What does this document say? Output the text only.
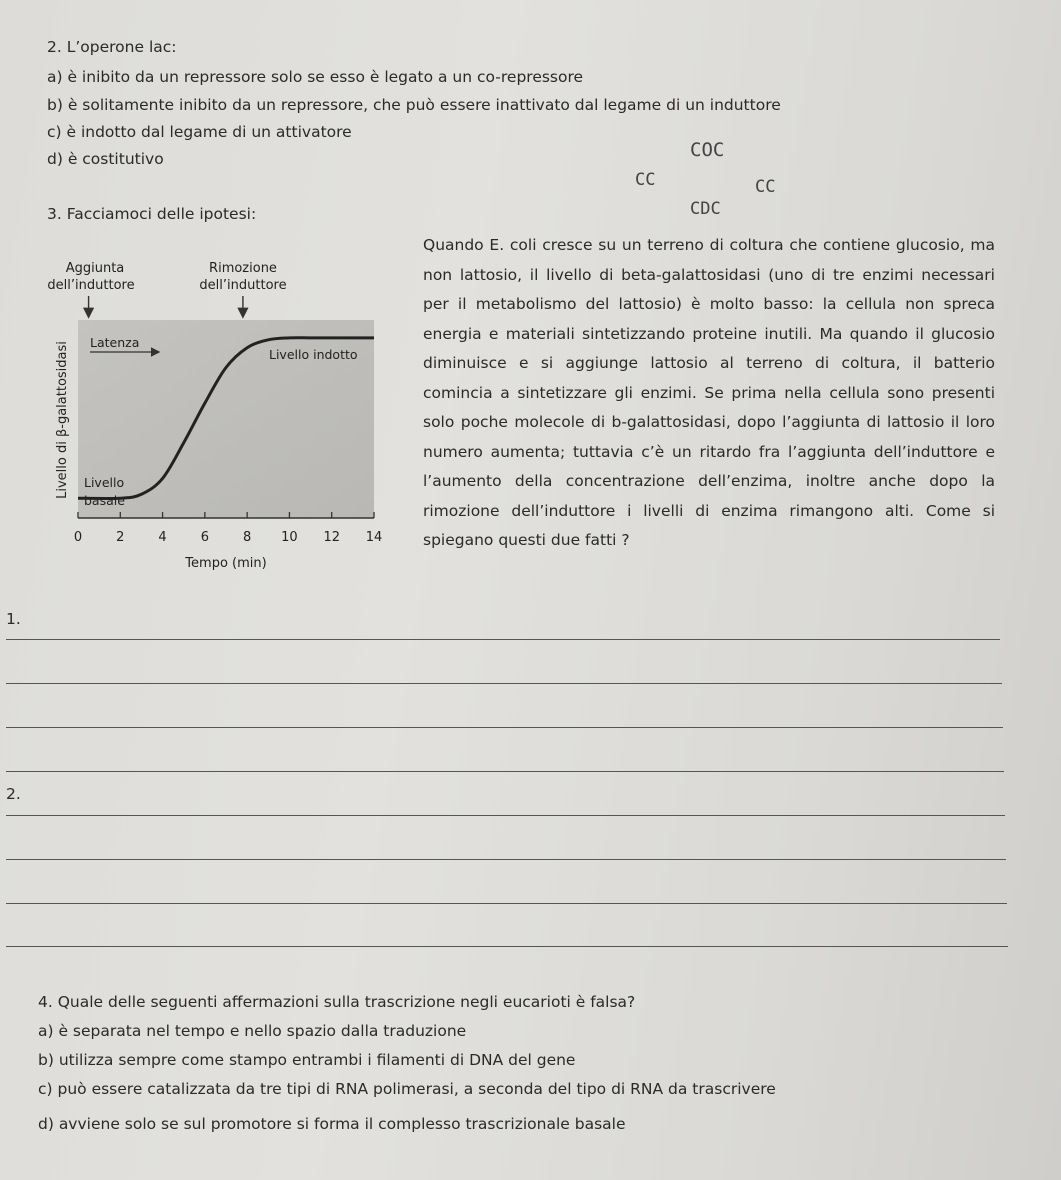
2. L’operone lac:
a) è inibito da un repressore solo se esso è legato a un co-repressore
b) è solitamente inibito da un repressore, che può essere inattivato dal legame di un induttore
c) è indotto dal legame di un attivatore
d) è costitutivo	COC
CC	CC
CDC
3. Facciamoci delle ipotesi:
Quando E. coli cresce su un terreno di coltura che contiene glucosio, ma non lattosio, il livello di beta-galattosidasi (uno di tre enzimi necessari per il metabolismo del lattosio) è molto basso: la cellula non spreca energia e materiali sintetizzando proteine inutili. Ma quando il glucosio diminuisce e si aggiunge lattosio al terreno di coltura, il batterio comincia a sintetizzare gli enzimi. Se prima nella cellula sono presenti solo poche molecole di b-galattosidasi, dopo l’aggiunta di lattosio il loro numero aumenta; tuttavia c’è un ritardo fra l’aggiunta dell’induttore e l’aumento della concentrazione dell’enzima, inoltre anche dopo la rimozione dell’induttore i livelli di enzima rimangono alti. Come si spiegano questi due fatti ?
0	2	4	6	8 10 12 14
Tempo (min)
Livello di β-galattosidasi
Aggiunta
dell’induttore
Rimozione
dell’induttore
Latenza
Livello indotto
Livello
basale
1.
2.
4. Quale delle seguenti affermazioni sulla trascrizione negli eucarioti è falsa?
a) è separata nel tempo e nello spazio dalla traduzione
b) utilizza sempre come stampo entrambi i filamenti di DNA del gene
c) può essere catalizzata da tre tipi di RNA polimerasi, a seconda del tipo di RNA da trascrivere
d) avviene solo se sul promotore si forma il complesso trascrizionale basale
